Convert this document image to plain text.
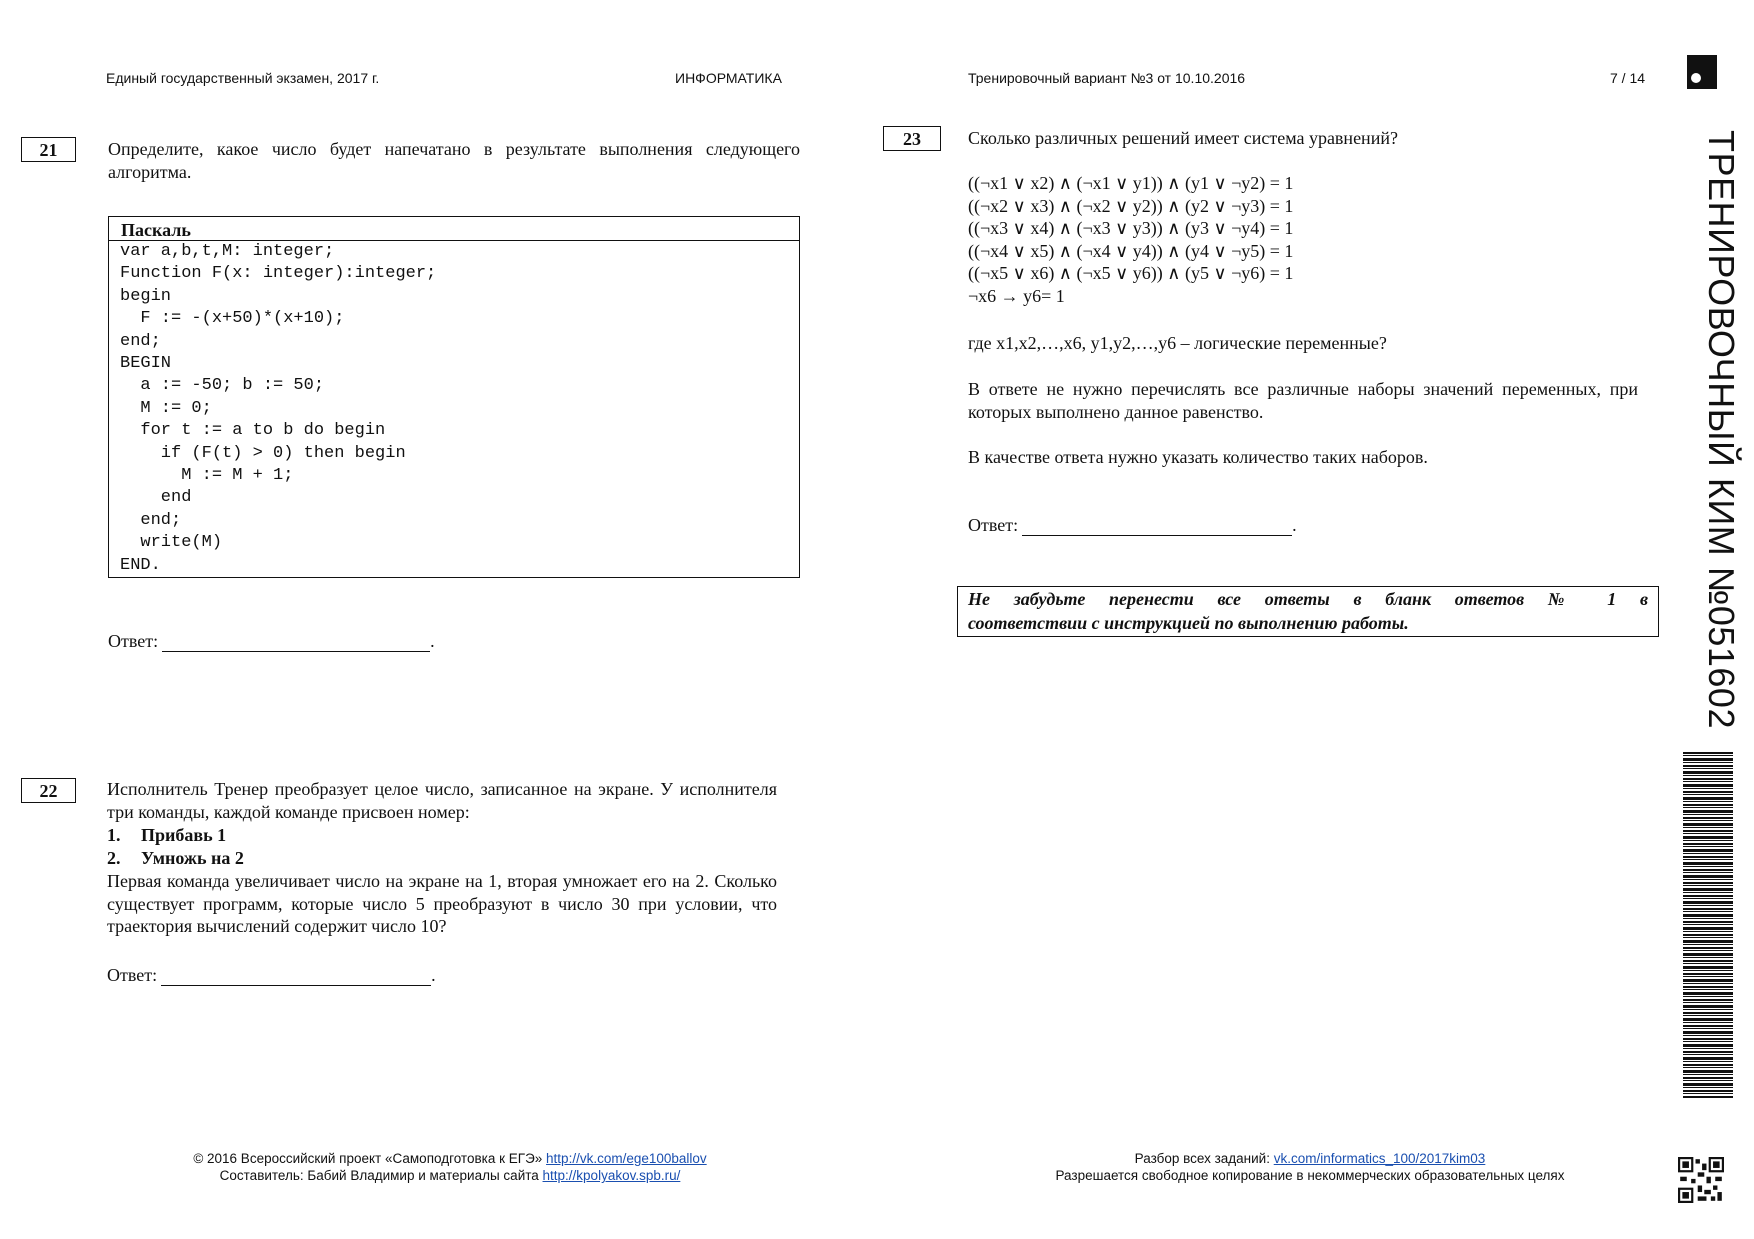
Единый государственный экзамен, 2017 г.	ИНФОРМАТИКА	Тренировочный вариант №3 от 10.10.2016	7 / 14
21	Определите, какое число будет напечатано в результате выполнения следующего алгоритма.
Паскаль
var a,b,t,M: integer;
Function F(x: integer):integer;
begin
F := -(x+50)*(x+10);
end;
BEGIN
a := -50; b := 50;
M := 0;
for t := a to b do begin
if (F(t) > 0) then begin
M := M + 1;
end
end;
write(M)
END.
Ответ:	.
22	Исполнитель Тренер преобразует целое число, записанное на экране. У исполнителя три команды, каждой команде присвоен номер:
1. Прибавь 1
2. Умножь на 2
Первая команда увеличивает число на экране на 1, вторая умножает его на 2. Сколько существует программ, которые число 5 преобразуют в число 30 при условии, что траектория вычислений содержит число 10?
Ответ:	.
23	Сколько различных решений имеет система уравнений?
((¬x1 ∨ x2) ∧ (¬x1 ∨ y1)) ∧ (y1 ∨ ¬y2) = 1
((¬x2 ∨ x3) ∧ (¬x2 ∨ y2)) ∧ (y2 ∨ ¬y3) = 1
((¬x3 ∨ x4) ∧ (¬x3 ∨ y3)) ∧ (y3 ∨ ¬y4) = 1
((¬x4 ∨ x5) ∧ (¬x4 ∨ y4)) ∧ (y4 ∨ ¬y5) = 1
((¬x5 ∨ x6) ∧ (¬x5 ∨ y6)) ∧ (y5 ∨ ¬y6) = 1
¬x6 → y6= 1
где x1,x2,…,x6, y1,y2,…,y6 – логические переменные?
В ответе не нужно перечислять все различные наборы значений переменных, при которых выполнено данное равенство.
В качестве ответа нужно указать количество таких наборов.
Ответ:	.
Не забудьте перенести все ответы в бланк ответов № 1 в
соответствии с инструкцией по выполнению работы.	ТРЕНИРОВОЧНЫЙ КИМ №051602
© 2016 Всероссийский проект «Самоподготовка к ЕГЭ» http://vk.com/ege100ballov
Составитель: Бабий Владимир и материалы сайта http://kpolyakov.spb.ru/
Разбор всех заданий: vk.com/informatics_100/2017kim03
Разрешается свободное копирование в некоммерческих образовательных целях
